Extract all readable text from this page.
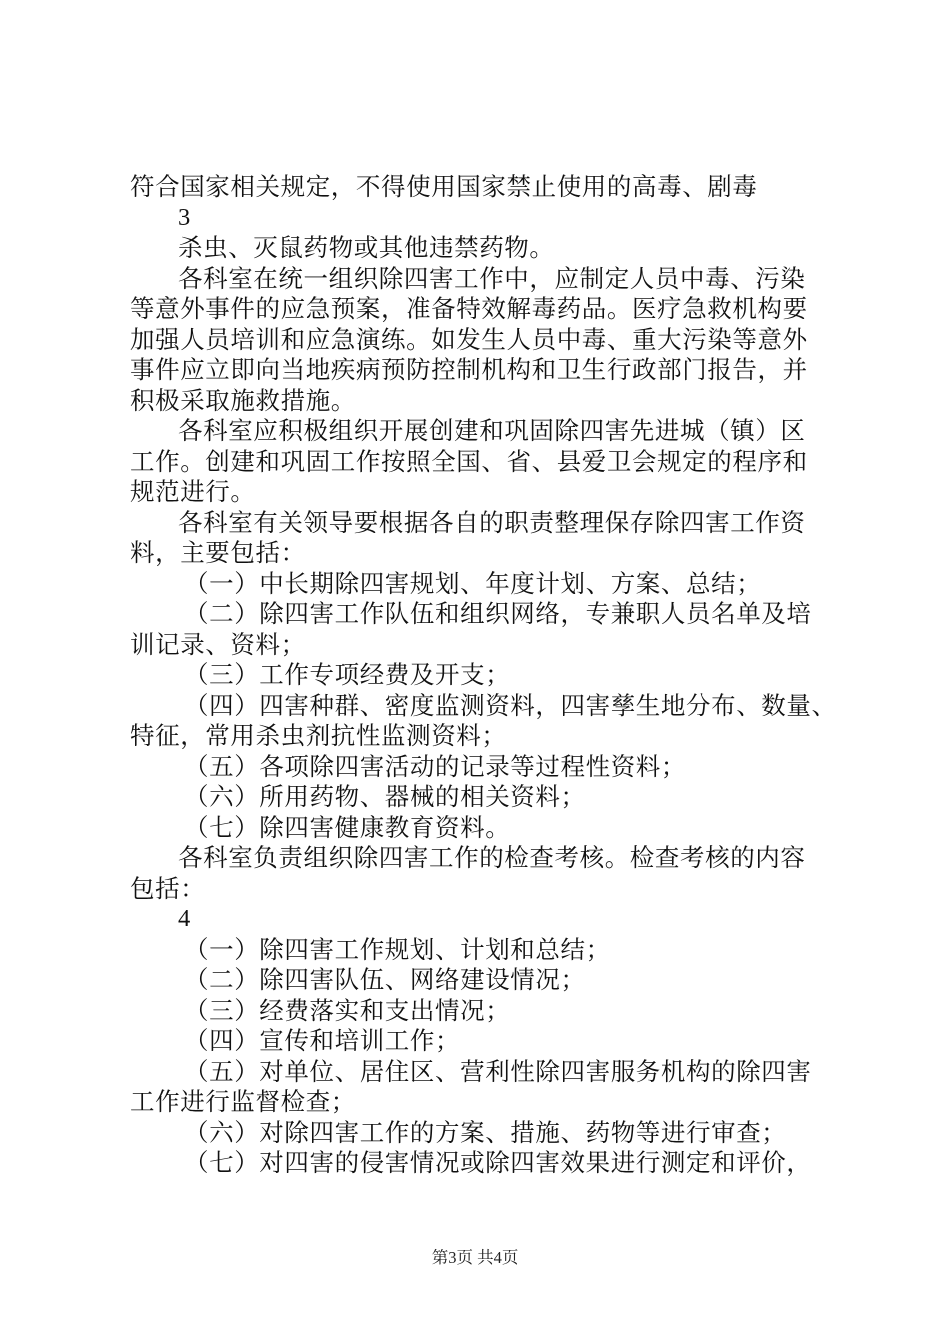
符合国家相关规定，不得使用国家禁止使用的高毒、剧毒
3
杀虫、灭鼠药物或其他违禁药物。
各科室在统一组织除四害工作中，应制定人员中毒、污染
等意外事件的应急预案，准备特效解毒药品。医疗急救机构要
加强人员培训和应急演练。如发生人员中毒、重大污染等意外
事件应立即向当地疾病预防控制机构和卫生行政部门报告，并
积极采取施救措施。
各科室应积极组织开展创建和巩固除四害先进城（镇）区
工作。创建和巩固工作按照全国、省、县爱卫会规定的程序和
规范进行。
各科室有关领导要根据各自的职责整理保存除四害工作资
料，主要包括：
（一）中长期除四害规划、年度计划、方案、总结；
（二）除四害工作队伍和组织网络，专兼职人员名单及培
训记录、资料；
（三）工作专项经费及开支；
（四）四害种群、密度监测资料，四害孳生地分布、数量、
特征，常用杀虫剂抗性监测资料；
（五）各项除四害活动的记录等过程性资料；
（六）所用药物、器械的相关资料；
（七）除四害健康教育资料。
各科室负责组织除四害工作的检查考核。检查考核的内容
包括：
4
（一）除四害工作规划、计划和总结；
（二）除四害队伍、网络建设情况；
（三）经费落实和支出情况；
（四）宣传和培训工作；
（五）对单位、居住区、营利性除四害服务机构的除四害
工作进行监督检查；
（六）对除四害工作的方案、措施、药物等进行审查；
（七）对四害的侵害情况或除四害效果进行测定和评价，
第3页 共4页
